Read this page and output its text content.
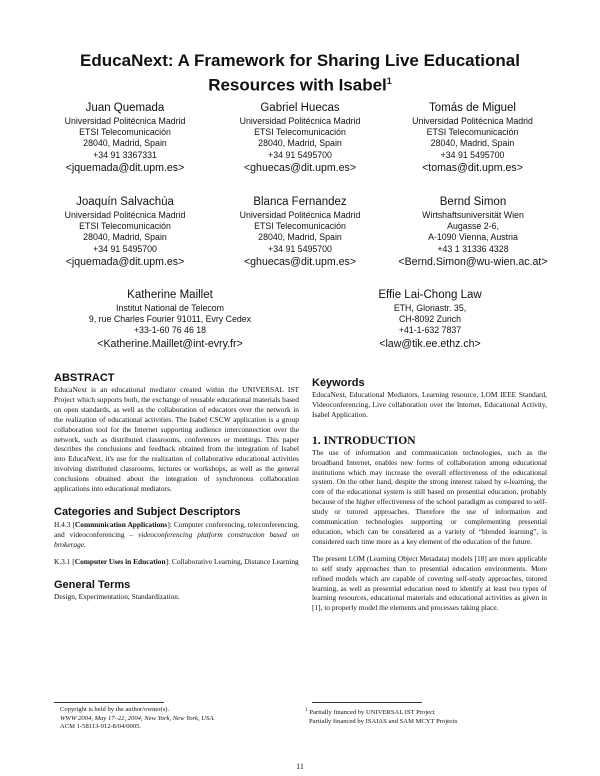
EducaNext: A Framework for Sharing Live Educational
Resources with Isabel$^1$
Juan Quemada
Universidad Politécnica Madrid
ETSI Telecomunicación
28040, Madrid, Spain
+34 91 3367331
<jquemada@dit.upm.es>
Gabriel Huecas
Universidad Politécnica Madrid
ETSI Telecomunicación
28040, Madrid, Spain
+34 91 5495700
<ghuecas@dit.upm.es>
Tomás de Miguel
Universidad Politécnica Madrid
ETSI Telecomunicación
28040, Madrid, Spain
+34 91 5495700
<tomas@dit.upm.es>
Joaquín Salvachúa
Universidad Politécnica Madrid
ETSI Telecomunicación
28040, Madrid, Spain
+34 91 5495700
<jquemada@dit.upm.es>
Blanca Fernandez
Universidad Politécnica Madrid
ETSI Telecomunicación
28040, Madrid, Spain
+34 91 5495700
<ghuecas@dit.upm.es>
Bernd Simon
Wirtshaftsuniversität Wien
Augasse 2-6,
A-1090 Vienna, Austria
+43 1 31336 4328
<Bernd.Simon@wu-wien.ac.at>
Katherine Maillet
Institut National de Telecom
9, rue Charles Fourier 91011, Evry Cedex
+33-1-60 76 46 18
<Katherine.Maillet@int-evry.fr>
Effie Lai-Chong Law
ETH, Gloriastr. 35,
CH-8092 Zurich
+41-1-632 7837
<law@tik.ee.ethz.ch>
ABSTRACT

EducaNext is an educational mediator created within the UNIVERSAL IST Project which supports both, the exchange of reusable educational materials based on open standards, as well as the collaboration of educators over the network in the realization of educational activities. The Isabel CSCW application is a group collaboration tool for the Internet supporting audience interconnection over the network, such as distributed classrooms, conferences or meetings. This paper describes the conclusions and feedback obtained from the integration of Isabel into EducaNext, it's use for the realization of collaborative educational activities involving distributed classrooms, lectures or workshops, as well as the general conclusions obtained about the integration of synchronous collaboration applications into educational mediators.

Categories and Subject Descriptors

H.4.3 [Communication Applications]: Computer conferencing, teleconferencing, and videoconferencing – videoconferencing platform construction based on brokerage.

K.3.1 [Computer Uses in Education]: Collaborative Learning, Distance Learning

General Terms

Design, Experimentation, Standardization.

Copyright is held by the author/owner(s).

WWW 2004, May 17–22, 2004, New York, New York, USA.

ACM 1-58113-912-8/04/0005.

Keywords

EducaNext, Educational Mediators, Learning resource, LOM IEEE Standard, Videoconferencing, Live collaboration over the Internet, Educational Activity, Isabel Application.

1. INTRODUCTION

The use of information and communication technologies, such as the broadband Internet, enables new forms of collaboration among educational institutions which may increase the overall effectiveness of the educational system. On the other hand, despite the strong interest raised by e-learning, the core of the educational system is still based on presential education, probably because of the higher effectiveness of the school paradigm as compared to self-study or tutored approaches. Therefore the use of information and communication technologies supporting or complementing presential education, which can be considered as a variety of “blended learning”, is considered each time more as a key element of the education of the future.

The present LOM (Learning Object Metadata) models [18] are more applicable to self study approaches than to presential education environments. More refined models which are capable of covering self-study approaches, tutored learning, as well as presential education need to identify at least two types of learning resources, educational materials and educational activities as given in [1], to properly model the elements and processes taking place.

$^1$ Partially financed by UNIVERSAL IST Project

Partially financed by ISAIAS and SAM MCYT Projects

11
